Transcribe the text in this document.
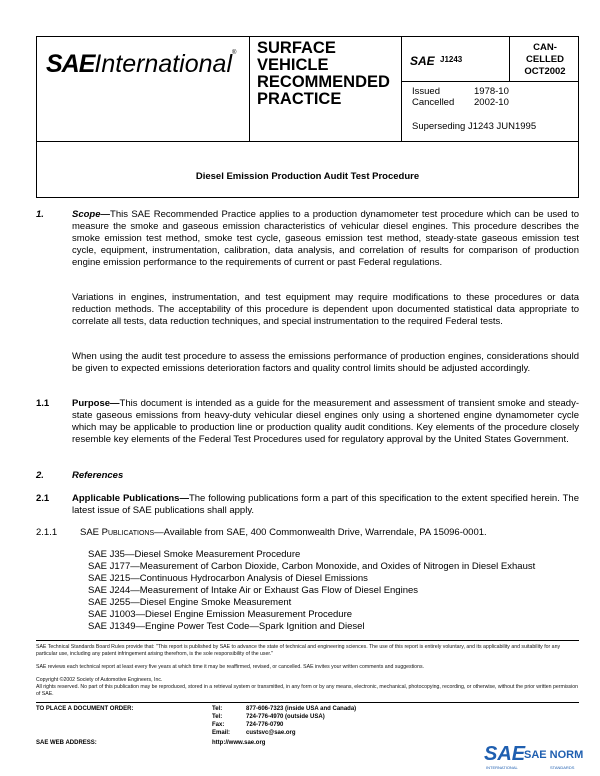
SAEInternational® SURFACE
VEHICLE
RECOMMENDED
PRACTICE
SAE J1243
CAN-
CELLED
OCT2002
Issued	1978-10
Cancelled 2002-10
Superseding J1243 JUN1995
Diesel Emission Production Audit Test Procedure
1.	Scope—This SAE Recommended Practice applies to a production dynamometer test procedure which can be used to measure the smoke and gaseous emission characteristics of vehicular diesel engines. This procedure describes the smoke emission test method, smoke test cycle, gaseous emission test method, steady-state gaseous emission test cycle, equipment, instrumentation, calibration, data analysis, and correlation of results for comparison of production engine emission performance to the requirements of current or past Federal regulations.
Variations in engines, instrumentation, and test equipment may require modifications to these procedures or data reduction methods. The acceptability of this procedure is dependent upon documented statistical data appropriate to correlate all tests, data reduction techniques, and special instrumentation to the required Federal tests.
When using the audit test procedure to assess the emissions performance of production engines, considerations should be given to expected emissions deterioration factors and quality control limits should be adjusted accordingly.
1.1 Purpose—This document is intended as a guide for the measurement and assessment of transient smoke and steady-state gaseous emissions from heavy-duty vehicular diesel engines only using a shortened engine dynamometer cycle which may be applicable to production line or production quality audit conditions. Key elements of the procedure closely resemble key elements of the Federal Test Procedures used for regulatory approval by the United States Government.
2.	References
2.1 Applicable Publications—The following publications form a part of this specification to the extent specified herein. The latest issue of SAE publications shall apply.
2.1.1 SAE Publications—Available from SAE, 400 Commonwealth Drive, Warrendale, PA 15096-0001.
SAE J35—Diesel Smoke Measurement Procedure
SAE J177—Measurement of Carbon Dioxide, Carbon Monoxide, and Oxides of Nitrogen in Diesel Exhaust
SAE J215—Continuous Hydrocarbon Analysis of Diesel Emissions
SAE J244—Measurement of Intake Air or Exhaust Gas Flow of Diesel Engines
SAE J255—Diesel Engine Smoke Measurement
SAE J1003—Diesel Engine Emission Measurement Procedure
SAE J1349—Engine Power Test Code—Spark Ignition and Diesel
SAE Technical Standards Board Rules provide that: "This report is published by SAE to advance the state of technical and engineering sciences. The use of this report is entirely voluntary, and its applicability and suitability for any particular use, including any patent infringement arising therefrom, is the sole responsibility of the user."
SAE reviews each technical report at least every five years at which time it may be reaffirmed, revised, or cancelled. SAE invites your written comments and suggestions.
Copyright ©2002 Society of Automotive Engineers, Inc.
All rights reserved. No part of this publication may be reproduced, stored in a retrieval system or transmitted, in any form or by any means, electronic, mechanical, photocopying, recording, or otherwise, without the prior written permission of SAE.
TO PLACE A DOCUMENT ORDER:	Tel:	877-606-7323 (inside USA and Canada)
Tel:	724-776-4970 (outside USA)
Fax:	724-776-0790
Email:	custsvc@sae.org
SAE WEB ADDRESS:	http://www.sae.org	SAE
SAE NORM
INTERNATIONAL	STANDARDS
